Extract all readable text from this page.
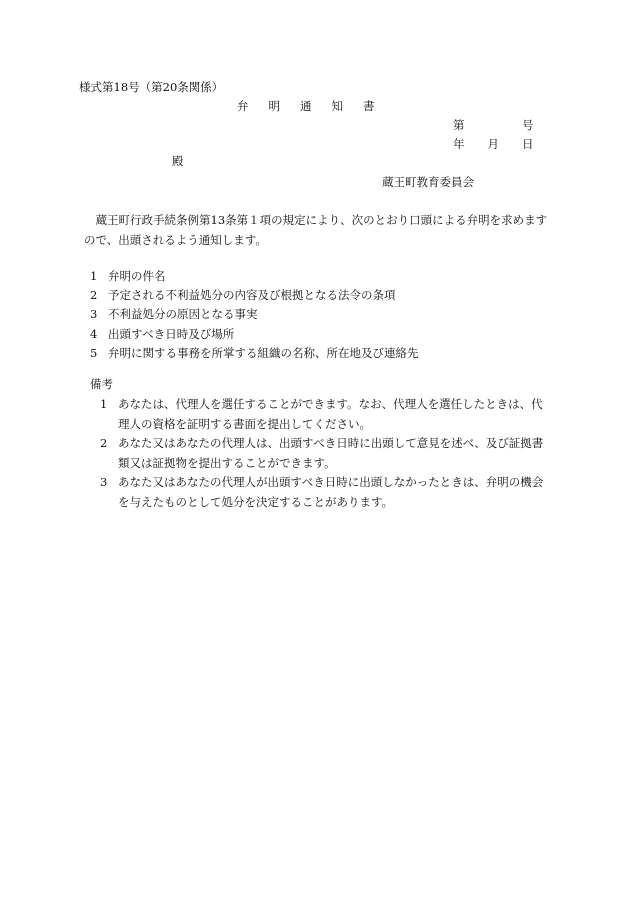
様式第18号（第20条関係）
弁明通知書
第　　　　　号
年　　月　　日
殿
蔵王町教育委員会
蔵王町行政手続条例第13条第１項の規定により、次のとおり口頭による弁明を求めますので、出頭されるよう通知します。
1 弁明の件名
2 予定される不利益処分の内容及び根拠となる法令の条項
3 不利益処分の原因となる事実
4 出頭すべき日時及び場所
5 弁明に関する事務を所掌する組織の名称、所在地及び連絡先
備考
1 あなたは、代理人を選任することができます。なお、代理人を選任したときは、代理人の資格を証明する書面を提出してください。
2 あなた又はあなたの代理人は、出頭すべき日時に出頭して意見を述べ、及び証拠書類又は証拠物を提出することができます。
3 あなた又はあなたの代理人が出頭すべき日時に出頭しなかったときは、弁明の機会を与えたものとして処分を決定することがあります。
